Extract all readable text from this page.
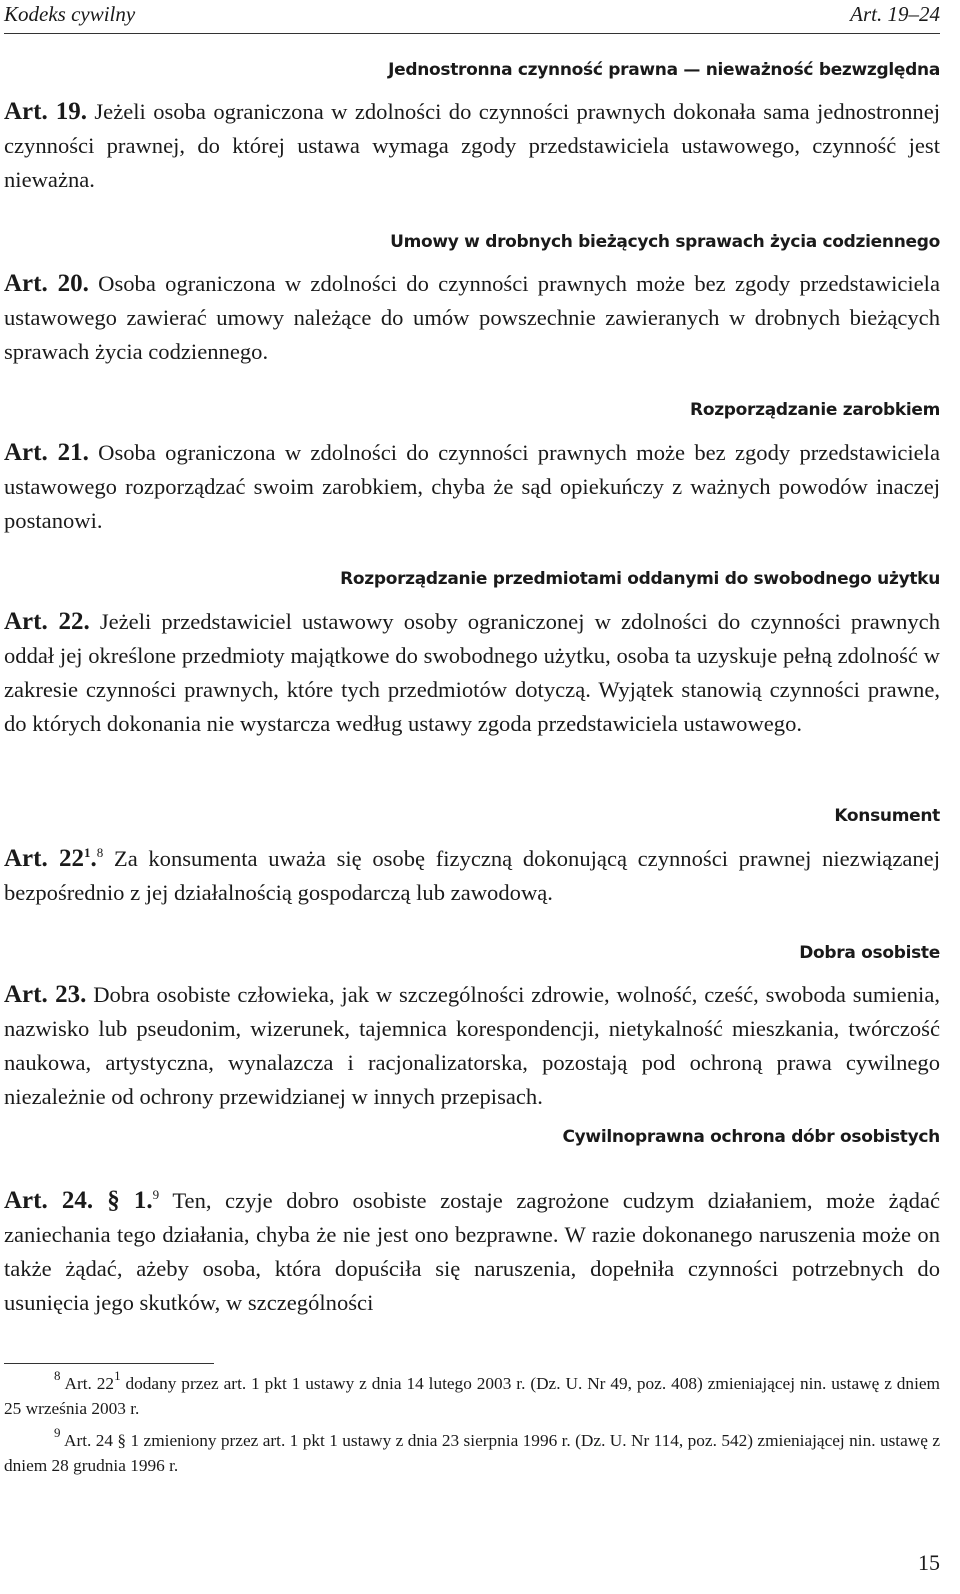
Kodeks cywilny	Art. 19–24
Jednostronna czynność prawna — nieważność bezwzględna
Art. 19. Jeżeli osoba ograniczona w zdolności do czynności prawnych dokonała sama jednostronnej czynności prawnej, do której ustawa wymaga zgody przedstawiciela ustawowego, czynność jest nieważna.
Umowy w drobnych bieżących sprawach życia codziennego
Art. 20. Osoba ograniczona w zdolności do czynności prawnych może bez zgody przedstawiciela ustawowego zawierać umowy należące do umów powszechnie zawieranych w drobnych bieżących sprawach życia codziennego.
Rozporządzanie zarobkiem
Art. 21. Osoba ograniczona w zdolności do czynności prawnych może bez zgody przedstawiciela ustawowego rozporządzać swoim zarobkiem, chyba że sąd opiekuńczy z ważnych powodów inaczej postanowi.
Rozporządzanie przedmiotami oddanymi do swobodnego użytku
Art. 22. Jeżeli przedstawiciel ustawowy osoby ograniczonej w zdolności do czynności prawnych oddał jej określone przedmioty majątkowe do swobodnego użytku, osoba ta uzyskuje pełną zdolność w zakresie czynności prawnych, które tych przedmiotów dotyczą. Wyjątek stanowią czynności prawne, do których dokonania nie wystarcza według ustawy zgoda przedstawiciela ustawowego.
Konsument
Art. $22^1.^8$ Za konsumenta uważa się osobę fizyczną dokonującą czynności prawnej niezwiązanej bezpośrednio z jej działalnością gospodarczą lub zawodową.
Dobra osobiste
Art. 23. Dobra osobiste człowieka, jak w szczególności zdrowie, wolność, cześć, swoboda sumienia, nazwisko lub pseudonim, wizerunek, tajemnica korespondencji, nietykalność mieszkania, twórczość naukowa, artystyczna, wynalazcza i racjonalizatorska, pozostają pod ochroną prawa cywilnego niezależnie od ochrony przewidzianej w innych przepisach.
Cywilnoprawna ochrona dóbr osobistych
Art. 24. § 1.$^9$ Ten, czyje dobro osobiste zostaje zagrożone cudzym działaniem, może żądać zaniechania tego działania, chyba że nie jest ono bezprawne. W razie dokonanego naruszenia może on także żądać, ażeby osoba, która dopuściła się naruszenia, dopełniła czynności potrzebnych do usunięcia jego skutków, w szczególności
$^8$ Art. $22^1$ dodany przez art. 1 pkt 1 ustawy z dnia 14 lutego 2003 r. (Dz. U. Nr 49, poz. 408) zmieniającej nin. ustawę z dniem 25 września 2003 r.
$^9$ Art. 24 § 1 zmieniony przez art. 1 pkt 1 ustawy z dnia 23 sierpnia 1996 r. (Dz. U. Nr 114, poz. 542) zmieniającej nin. ustawę z dniem 28 grudnia 1996 r.
15
